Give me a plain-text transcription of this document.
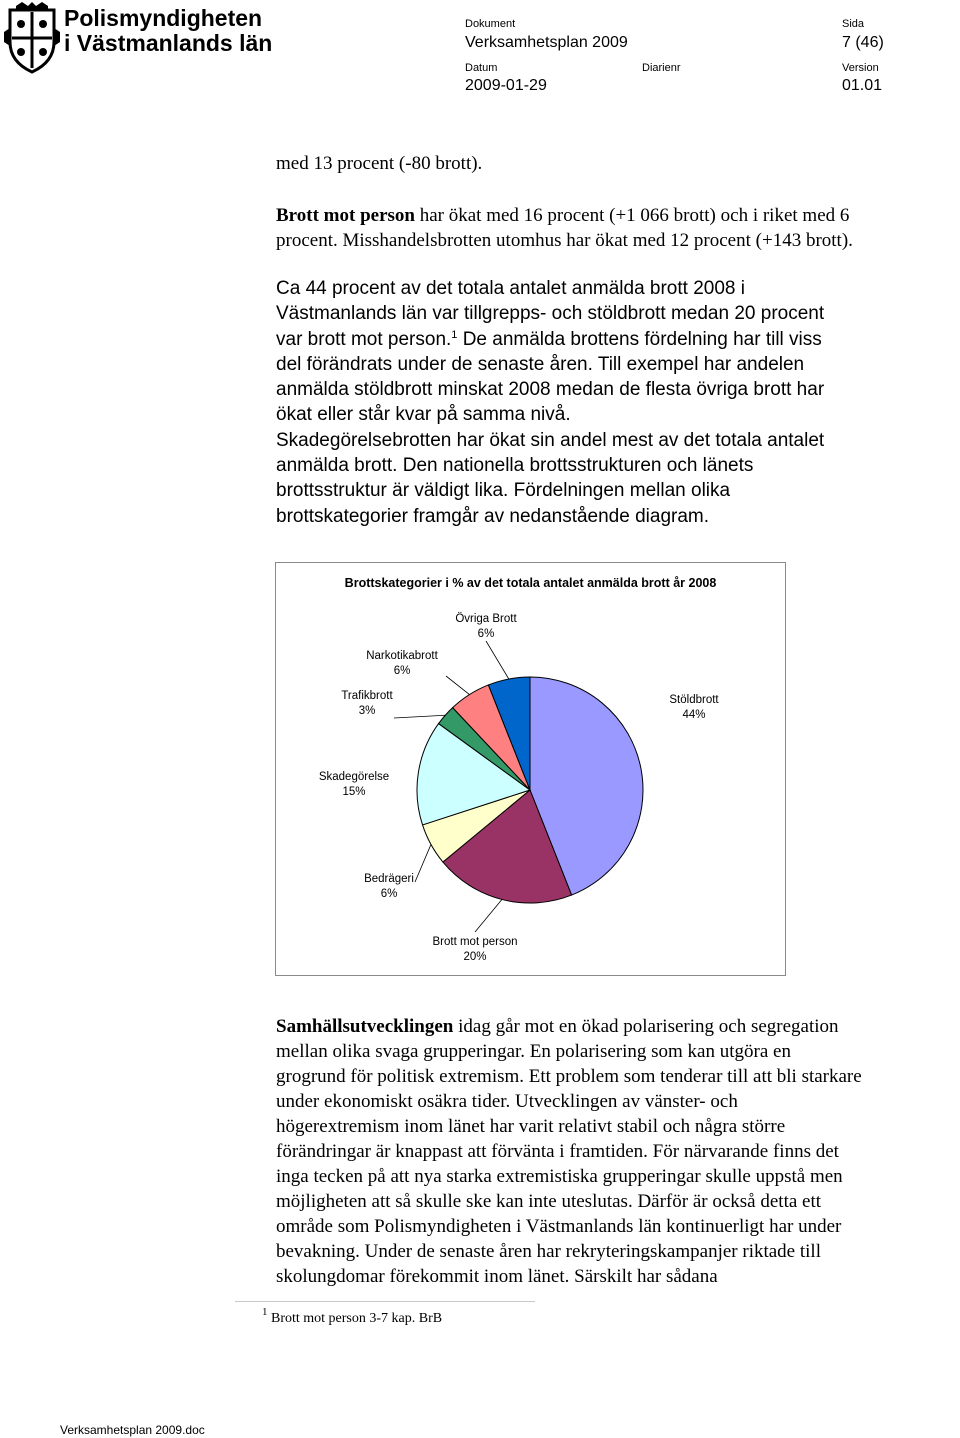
Polismyndigheten
i Västmanlands län
Dokument
Verksamhetsplan 2009
Sida
7 (46)
Datum
2009-01-29
Diarienr	Version
01.01
med 13 procent (-80 brott).
Brott mot person har ökat med 16 procent (+1 066 brott) och i riket med 6
procent. Misshandelsbrotten utomhus har ökat med 12 procent (+143 brott).
Ca 44 procent av det totala antalet anmälda brott 2008 i
Västmanlands län var tillgrepps- och stöldbrott medan 20 procent
var brott mot person.$^1$ De anmälda brottens fördelning har till viss
del förändrats under de senaste åren. Till exempel har andelen
anmälda stöldbrott minskat 2008 medan de flesta övriga brott har
ökat eller står kvar på samma nivå.
Skadegörelsebrotten har ökat sin andel mest av det totala antalet
anmälda brott. Den nationella brottsstrukturen och länets
brottsstruktur är väldigt lika. Fördelningen mellan olika
brottskategorier framgår av nedanstående diagram.
Brottskategorier i % av det totala antalet anmälda brott år 2008
Övriga Brott
6%
Narkotikabrott
6%
Trafikbrott
3%
Stöldbrott
44%
Skadegörelse
15%
Bedrägeri
6%
Brott mot person
20%
Samhällsutvecklingen idag går mot en ökad polarisering och segregation
mellan olika svaga grupperingar. En polarisering som kan utgöra en
grogrund för politisk extremism. Ett problem som tenderar till att bli starkare
under ekonomiskt osäkra tider. Utvecklingen av vänster- och
högerextremism inom länet har varit relativt stabil och några större
förändringar är knappast att förvänta i framtiden. För närvarande finns det
inga tecken på att nya starka extremistiska grupperingar skulle uppstå men
möjligheten att så skulle ske kan inte uteslutas. Därför är också detta ett
område som Polismyndigheten i Västmanlands län kontinuerligt har under
bevakning. Under de senaste åren har rekryteringskampanjer riktade till
skolungdomar förekommit inom länet. Särskilt har sådana
$^1$ Brott mot person 3-7 kap. BrB
Verksamhetsplan 2009.doc
